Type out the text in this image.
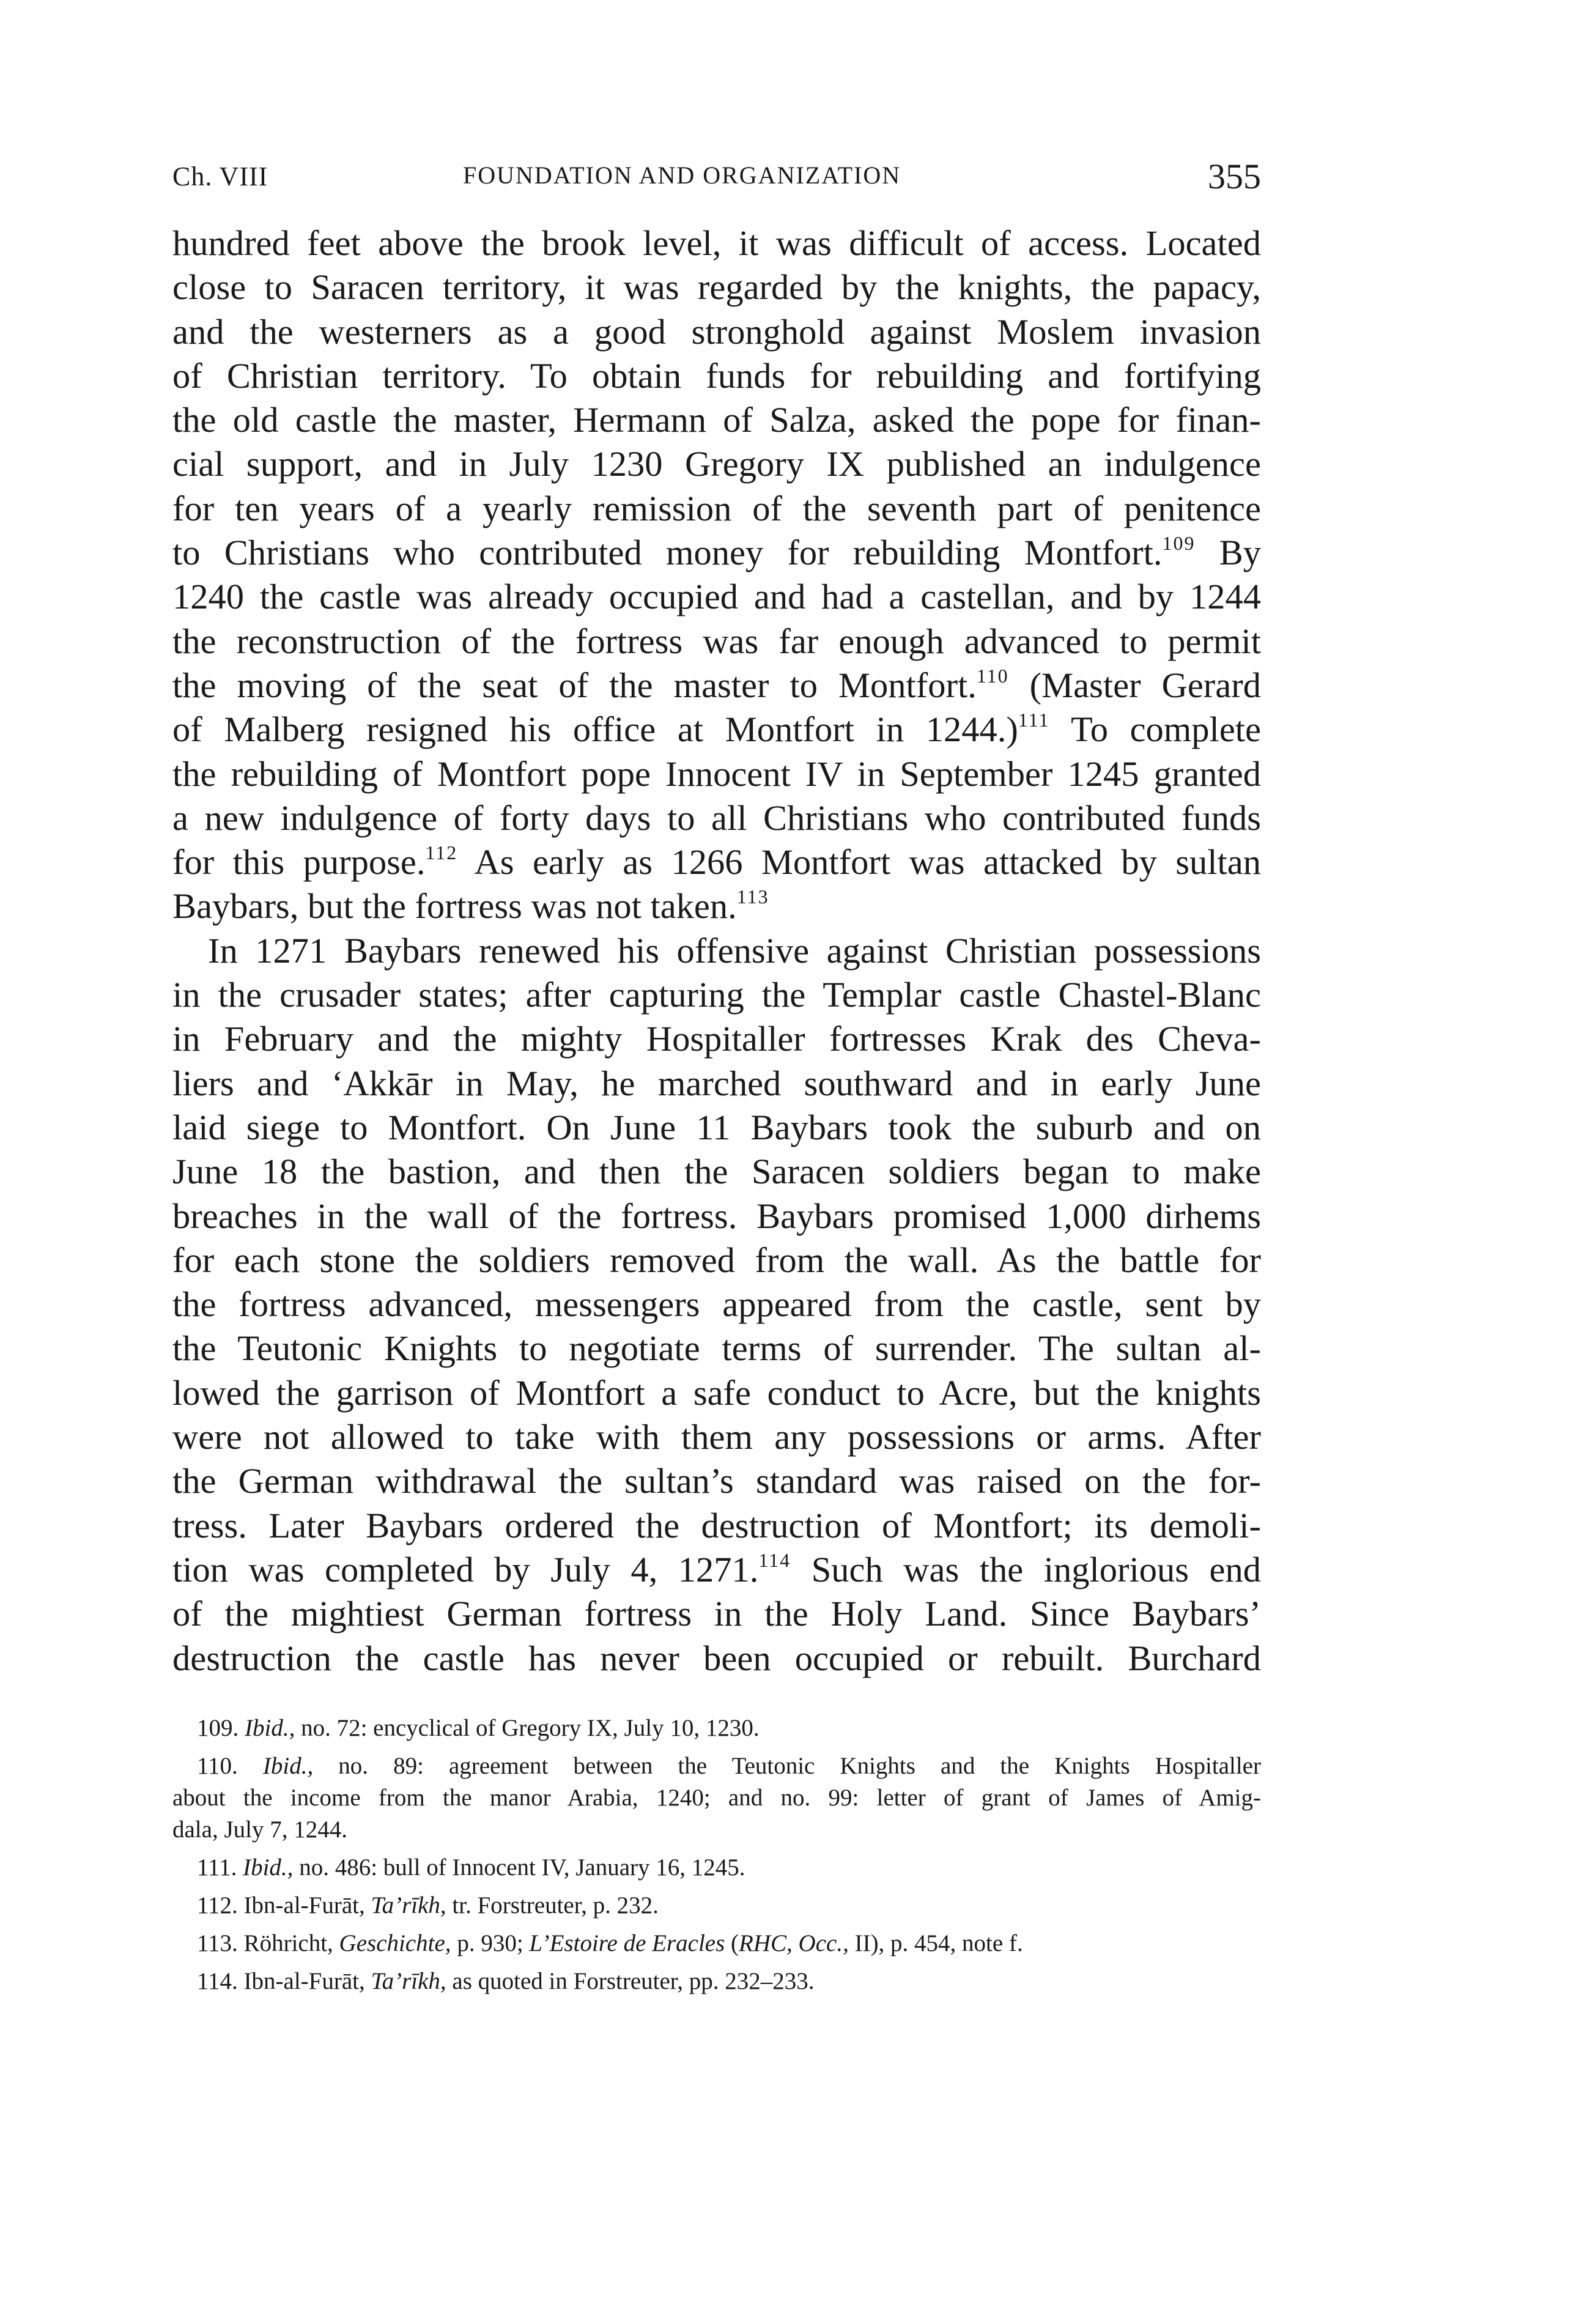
Ch. VIII	FOUNDATION AND ORGANIZATION	355
hundred feet above the brook level, it was difficult of access. Located
close to Saracen territory, it was regarded by the knights, the papacy,
and the westerners as a good stronghold against Moslem invasion
of Christian territory. To obtain funds for rebuilding and fortifying
the old castle the master, Hermann of Salza, asked the pope for finan-
cial support, and in July 1230 Gregory IX published an indulgence
for ten years of a yearly remission of the seventh part of penitence
to Christians who contributed money for rebuilding Montfort.$^{109}$ By
1240 the castle was already occupied and had a castellan, and by 1244
the reconstruction of the fortress was far enough advanced to permit
the moving of the seat of the master to Montfort.$^{110}$ (Master Gerard
of Malberg resigned his office at Montfort in 1244.)$^{111}$ To complete
the rebuilding of Montfort pope Innocent IV in September 1245 granted
a new indulgence of forty days to all Christians who contributed funds
for this purpose.$^{112}$ As early as 1266 Montfort was attacked by sultan
Baybars, but the fortress was not taken.$^{113}$
In 1271 Baybars renewed his offensive against Christian possessions
in the crusader states; after capturing the Templar castle Chastel-Blanc
in February and the mighty Hospitaller fortresses Krak des Cheva-
liers and ‘Akkār in May, he marched southward and in early June
laid siege to Montfort. On June 11 Baybars took the suburb and on
June 18 the bastion, and then the Saracen soldiers began to make
breaches in the wall of the fortress. Baybars promised 1,000 dirhems
for each stone the soldiers removed from the wall. As the battle for
the fortress advanced, messengers appeared from the castle, sent by
the Teutonic Knights to negotiate terms of surrender. The sultan al-
lowed the garrison of Montfort a safe conduct to Acre, but the knights
were not allowed to take with them any possessions or arms. After
the German withdrawal the sultan’s standard was raised on the for-
tress. Later Baybars ordered the destruction of Montfort; its demoli-
tion was completed by July 4, 1271.$^{114}$ Such was the inglorious end
of the mightiest German fortress in the Holy Land. Since Baybars’
destruction the castle has never been occupied or rebuilt. Burchard
109. Ibid., no. 72: encyclical of Gregory IX, July 10, 1230.
110. Ibid., no. 89: agreement between the Teutonic Knights and the Knights Hospitaller
about the income from the manor Arabia, 1240; and no. 99: letter of grant of James of Amig-
dala, July 7, 1244.
111. Ibid., no. 486: bull of Innocent IV, January 16, 1245.
112. Ibn-al-Furāt, Ta’rīkh, tr. Forstreuter, p. 232.
113. Röhricht, Geschichte, p. 930; L’Estoire de Eracles (RHC, Occ., II), p. 454, note f.
114. Ibn-al-Furāt, Ta’rīkh, as quoted in Forstreuter, pp. 232–233.
